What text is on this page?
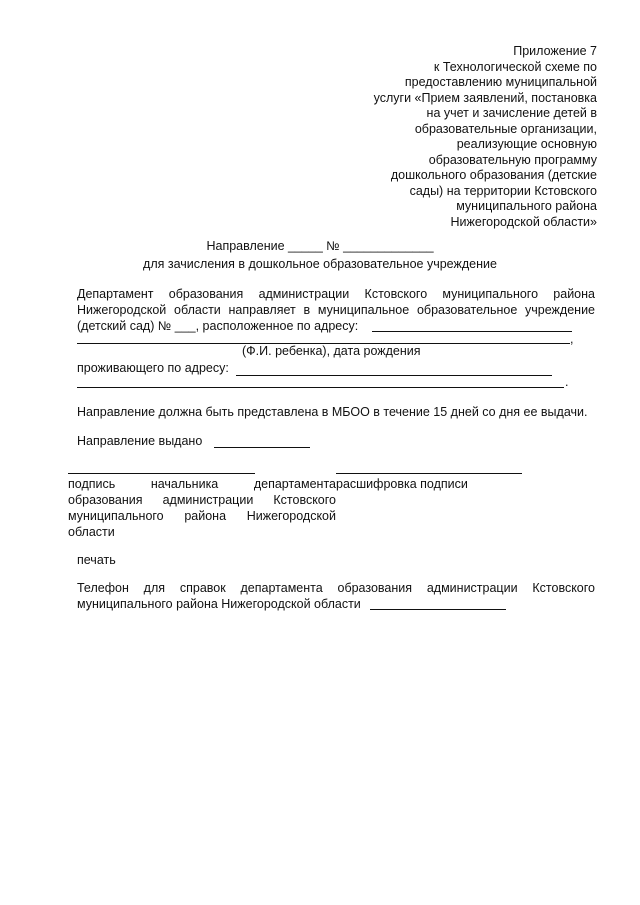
Приложение 7
к Технологической схеме по
предоставлению муниципальной
услуги «Прием заявлений, постановка
на учет и зачисление детей в
образовательные организации,
реализующие основную
образовательную программу
дошкольного образования (детские
сады) на территории Кстовского
муниципального района
Нижегородской области»
Направление _____ № _____________
для зачисления в дошкольное образовательное учреждение
Департамент образования администрации Кстовского муниципального района Нижегородской области направляет в муниципальное образовательное учреждение (детский сад) № ___, расположенное по адресу:
,
(Ф.И. ребенка), дата рождения
проживающего по адресу:
.
Направление должна быть представлена в МБОО в течение 15 дней со дня ее выдачи.
Направление выдано
подпись	начальника	департамента
образования администрации Кстовского
муниципального района Нижегородской
области
расшифровка подписи
печать
Телефон для справок департамента образования администрации Кстовского муниципального района Нижегородской области
